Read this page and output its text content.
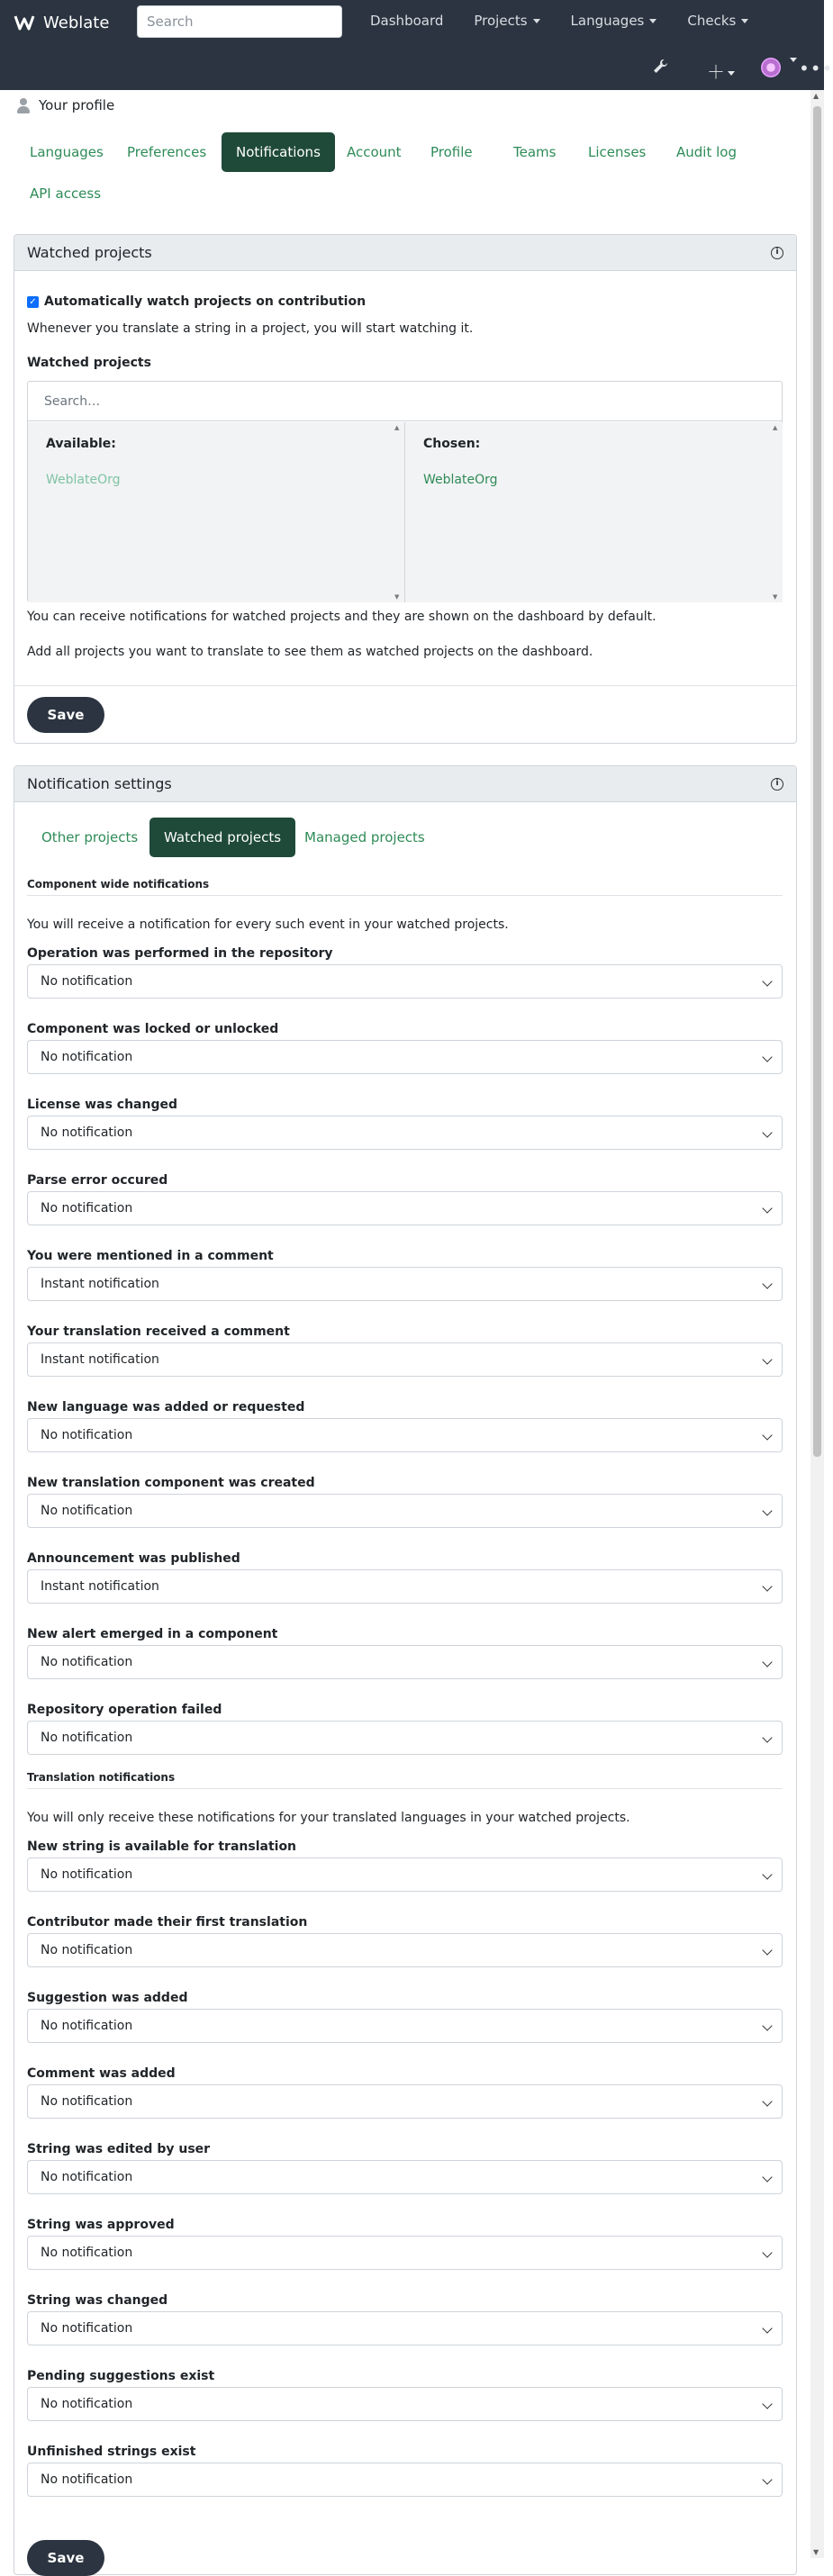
Weblate
Search	Dashboard Projects	Languages	Checks
＋	•••
Your profile
Languages	Preferences	Notifications	Account	Profile	Teams	Licenses	Audit log
API access
Watched projects	i
✓ Automatically watch projects on contribution
Whenever you translate a string in a project, you will start watching it.
Watched projects
Search…
Available:
WeblateOrg
▲ ▼
Chosen:
WeblateOrg
▲ ▼
You can receive notifications for watched projects and they are shown on the dashboard by default.
Add all projects you want to translate to see them as watched projects on the dashboard.
Save
Notification settings	i
Other projects	Watched projects	Managed projects
Component wide notifications
You will receive a notification for every such event in your watched projects.
Operation was performed in the repository
No notification
Component was locked or unlocked
No notification
License was changed
No notification
Parse error occured
No notification
You were mentioned in a comment
Instant notification
Your translation received a comment
Instant notification
New language was added or requested
No notification
New translation component was created
No notification
Announcement was published
Instant notification
New alert emerged in a component
No notification
Repository operation failed
No notification
Translation notifications
You will only receive these notifications for your translated languages in your watched projects.
New string is available for translation
No notification
Contributor made their first translation
No notification
Suggestion was added
No notification
Comment was added
No notification
String was edited by user
No notification
String was approved
No notification
String was changed
No notification
Pending suggestions exist
No notification
Unfinished strings exist
No notification
Save
▲
▼
